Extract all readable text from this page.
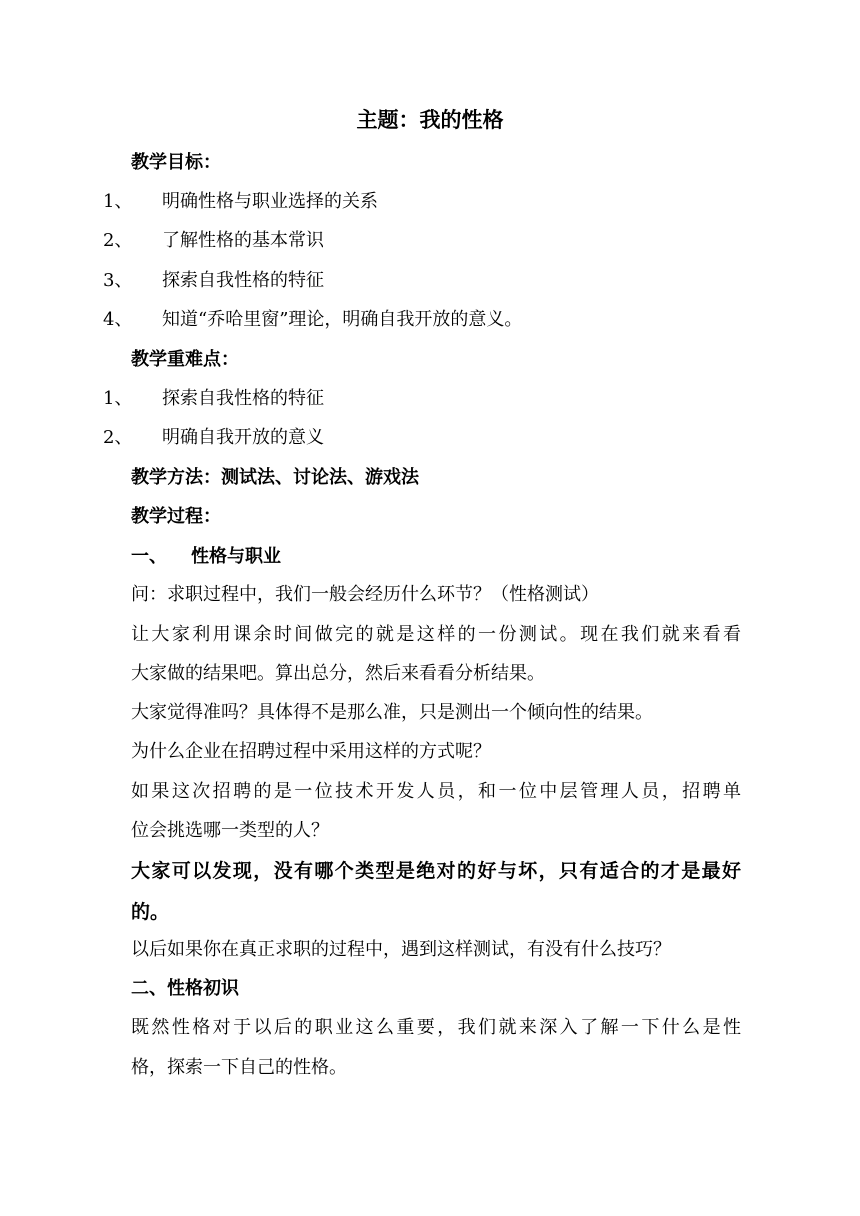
主题：我的性格
教学目标：
1、 明确性格与职业选择的关系
2、 了解性格的基本常识
3、 探索自我性格的特征
4、 知道“乔哈里窗”理论，明确自我开放的意义。
教学重难点：
1、 探索自我性格的特征
2、 明确自我开放的意义
教学方法：测试法、讨论法、游戏法
教学过程：
一、 性格与职业
问：求职过程中，我们一般会经历什么环节？（性格测试）
让大家利用课余时间做完的就是这样的一份测试。现在我们就来看看
大家做的结果吧。算出总分，然后来看看分析结果。
大家觉得准吗？具体得不是那么准，只是测出一个倾向性的结果。
为什么企业在招聘过程中采用这样的方式呢？
如果这次招聘的是一位技术开发人员，和一位中层管理人员，招聘单
位会挑选哪一类型的人？
大家可以发现，没有哪个类型是绝对的好与坏，只有适合的才是最好
的。
以后如果你在真正求职的过程中，遇到这样测试，有没有什么技巧？
二、性格初识
既然性格对于以后的职业这么重要，我们就来深入了解一下什么是性
格，探索一下自己的性格。
